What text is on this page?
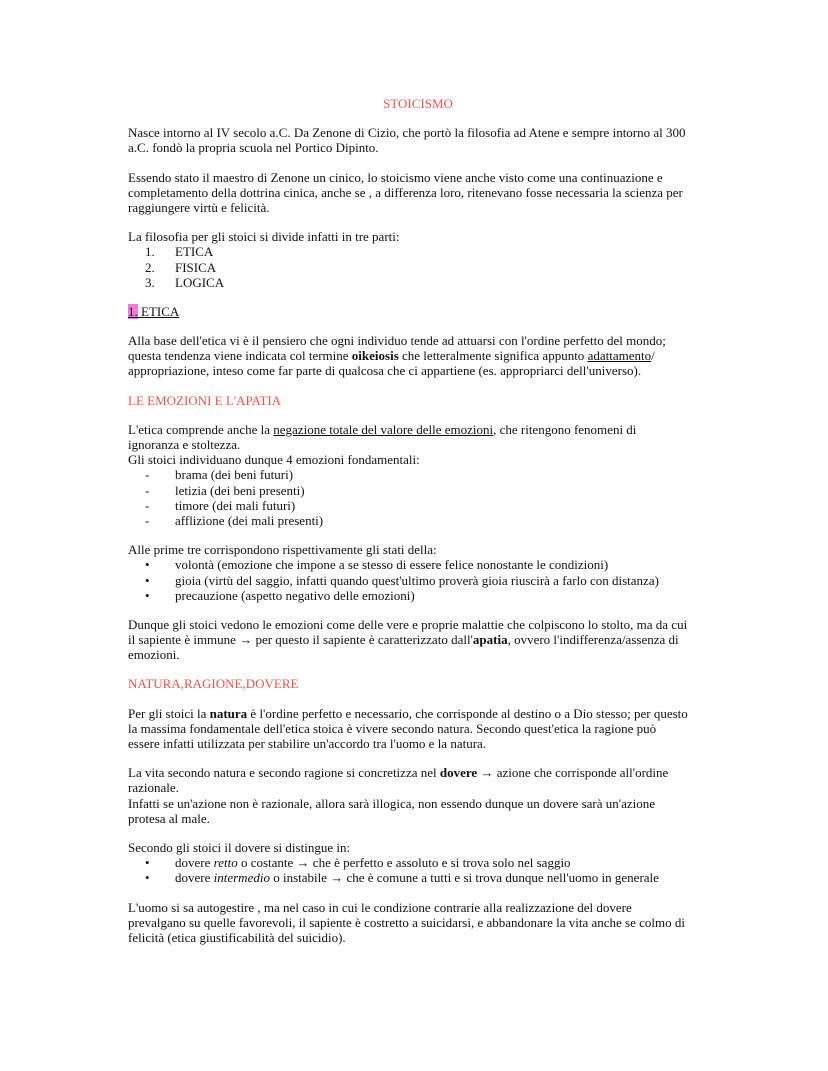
STOICISMO
Nasce intorno al IV secolo a.C. Da Zenone di Cizio, che portò la filosofia ad Atene e sempre intorno al 300
a.C. fondò la propria scuola nel Portico Dipinto.
Essendo stato il maestro di Zenone un cinico, lo stoicismo viene anche visto come una continuazione e
completamento della dottrina cinica, anche se , a differenza loro, ritenevano fosse necessaria la scienza per
raggiungere virtù e felicità.
La filosofia per gli stoici si divide infatti in tre parti:
1. ETICA
2. FISICA
3. LOGICA
1. ETICA
Alla base dell'etica vi è il pensiero che ogni individuo tende ad attuarsi con l'ordine perfetto del mondo;
questa tendenza viene indicata col termine oikeiosis che letteralmente significa appunto adattamento/
appropriazione, inteso come far parte di qualcosa che ci appartiene (es. appropriarci dell'universo).
LE EMOZIONI E L'APATIA
L'etica comprende anche la negazione totale del valore delle emozioni, che ritengono fenomeni di
ignoranza e stoltezza.
Gli stoici individuano dunque 4 emozioni fondamentali:
- brama (dei beni futuri)
- letizia (dei beni presenti)
- timore (dei mali futuri)
- afflizione (dei mali presenti)
Alle prime tre corrispondono rispettivamente gli stati della:
• volontà (emozione che impone a se stesso di essere felice nonostante le condizioni)
• gioia (virtù del saggio, infatti quando quest'ultimo proverà gioia riuscirà a farlo con distanza)
• precauzione (aspetto negativo delle emozioni)
Dunque gli stoici vedono le emozioni come delle vere e proprie malattie che colpiscono lo stolto, ma da cui
il sapiente è immune → per questo il sapiente è caratterizzato dall'apatia, ovvero l'indifferenza/assenza di
emozioni.
NATURA,RAGIONE,DOVERE
Per gli stoici la natura è l'ordine perfetto e necessario, che corrisponde al destino o a Dio stesso; per questo
la massima fondamentale dell'etica stoica è vivere secondo natura. Secondo quest'etica la ragione può
essere infatti utilizzata per stabilire un'accordo tra l'uomo e la natura.
La vita secondo natura e secondo ragione si concretizza nel dovere → azione che corrisponde all'ordine
razionale.
Infatti se un'azione non è razionale, allora sarà illogica, non essendo dunque un dovere sarà un'azione
protesa al male.
Secondo gli stoici il dovere si distingue in:
• dovere retto o costante → che è perfetto e assoluto e si trova solo nel saggio
• dovere intermedio o instabile → che è comune a tutti e si trova dunque nell'uomo in generale
L'uomo si sa autogestire , ma nel caso in cui le condizione contrarie alla realizzazione del dovere
prevalgano su quelle favorevoli, il sapiente è costretto a suicidarsi, e abbandonare la vita anche se colmo di
felicità (etica giustificabilità del suicidio).
